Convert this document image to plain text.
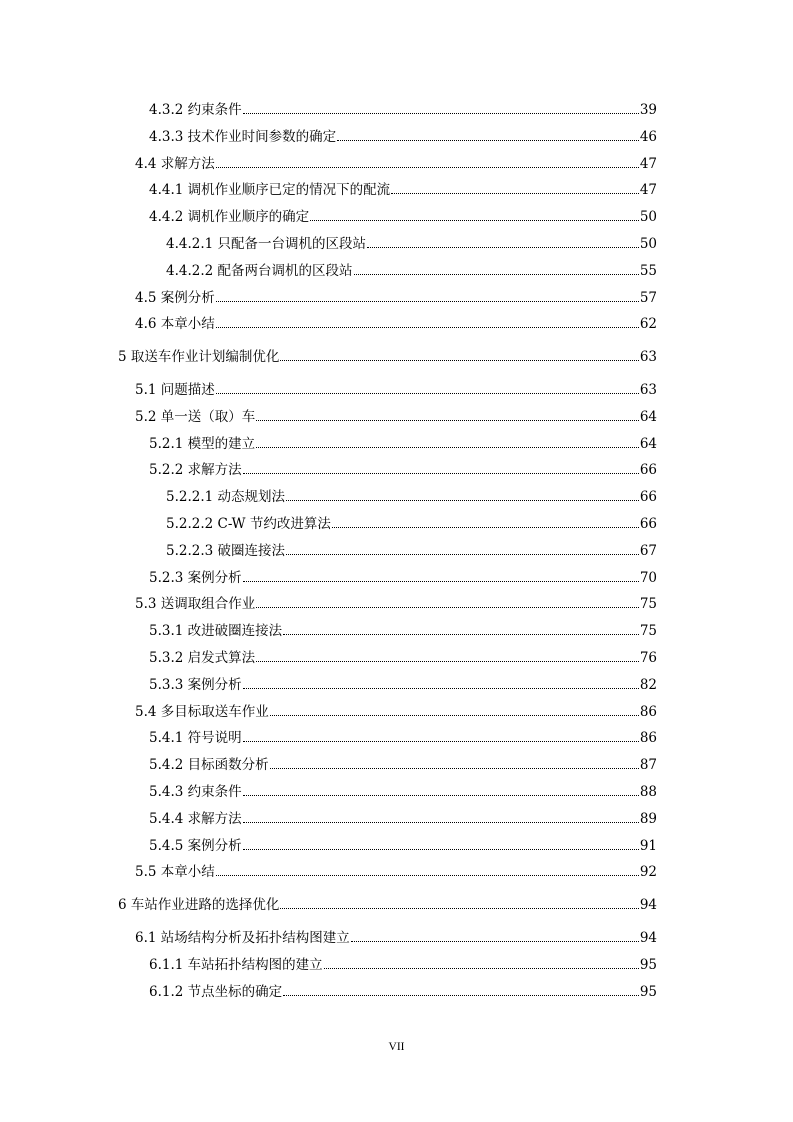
4.3.2 约束条件	39
4.3.3 技术作业时间参数的确定	46
4.4 求解方法	47
4.4.1 调机作业顺序已定的情况下的配流	47
4.4.2 调机作业顺序的确定	50
4.4.2.1 只配备一台调机的区段站	50
4.4.2.2 配备两台调机的区段站	55
4.5 案例分析	57
4.6 本章小结	62
5 取送车作业计划编制优化	63
5.1 问题描述	63
5.2 单一送（取）车	64
5.2.1 模型的建立	64
5.2.2 求解方法	66
5.2.2.1 动态规划法	66
5.2.2.2 C-W 节约改进算法	66
5.2.2.3 破圈连接法	67
5.2.3 案例分析	70
5.3 送调取组合作业	75
5.3.1 改进破圈连接法	75
5.3.2 启发式算法	76
5.3.3 案例分析	82
5.4 多目标取送车作业	86
5.4.1 符号说明	86
5.4.2 目标函数分析	87
5.4.3 约束条件	88
5.4.4 求解方法	89
5.4.5 案例分析	91
5.5 本章小结	92
6 车站作业进路的选择优化	94
6.1 站场结构分析及拓扑结构图建立	94
6.1.1 车站拓扑结构图的建立	95
6.1.2 节点坐标的确定	95
VII
